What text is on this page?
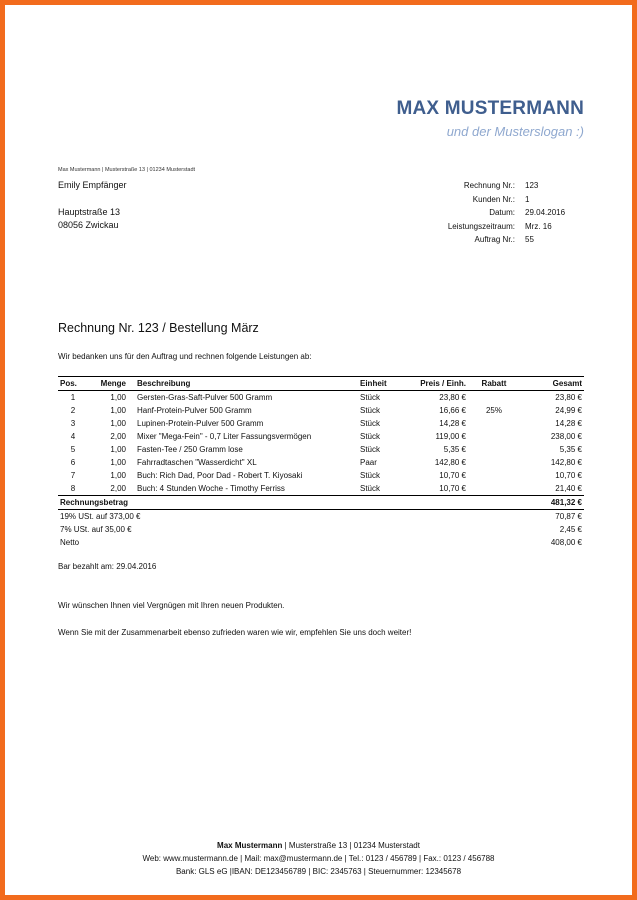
MAX MUSTERMANN
und der Musterslogan :)
Max Mustermann | Musterstraße 13 | 01234 Musterstadt
Emily Empfänger
Hauptstraße 13
08056 Zwickau
Rechnung Nr.:	123
Kunden Nr.:	1
Datum:	29.04.2016
Leistungszeitraum:	Mrz. 16
Auftrag Nr.:	55
Rechnung Nr. 123 / Bestellung März
Wir bedanken uns für den Auftrag und rechnen folgende Leistungen ab:
Pos.	Menge	Beschreibung	Einheit	Preis / Einh.	Rabatt	Gesamt
1	1,00	Gersten-Gras-Saft-Pulver 500 Gramm	Stück	23,80 €		23,80 €
2	1,00	Hanf-Protein-Pulver 500 Gramm	Stück	16,66 €	25%	24,99 €
3	1,00	Lupinen-Protein-Pulver 500 Gramm	Stück	14,28 €		14,28 €
4	2,00	Mixer "Mega-Fein" - 0,7 Liter Fassungsvermögen	Stück	119,00 €		238,00 €
5	1,00	Fasten-Tee / 250 Gramm lose	Stück	5,35 €		5,35 €
6	1,00	Fahrradtaschen "Wasserdicht" XL	Paar	142,80 €		142,80 €
7	1,00	Buch: Rich Dad, Poor Dad - Robert T. Kiyosaki	Stück	10,70 €		10,70 €
8	2,00	Buch: 4 Stunden Woche - Timothy Ferriss	Stück	10,70 €		21,40 €
Rechnungsbetrag						481,32 €
19% USt. auf 373,00 €						70,87 €
7% USt. auf 35,00 €						2,45 €
Netto						408,00 €
Bar bezahlt am: 29.04.2016
Wir wünschen Ihnen viel Vergnügen mit Ihren neuen Produkten.
Wenn Sie mit der Zusammenarbeit ebenso zufrieden waren wie wir, empfehlen Sie uns doch weiter!
Max Mustermann | Musterstraße 13 | 01234 Musterstadt
Web: www.mustermann.de | Mail: max@mustermann.de | Tel.: 0123 / 456789 | Fax.: 0123 / 456788
Bank: GLS eG |IBAN: DE123456789 | BIC: 2345763 | Steuernummer: 12345678
